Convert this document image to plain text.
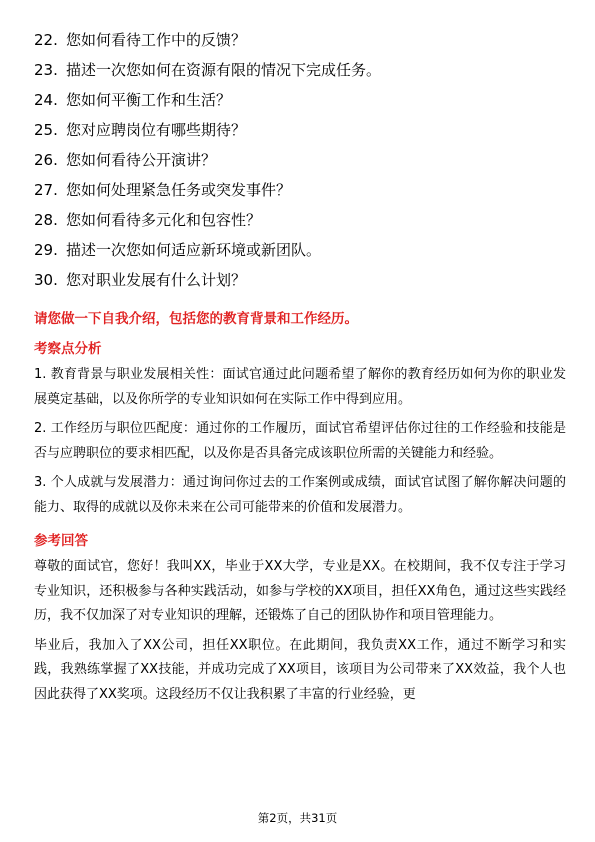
22. 您如何看待工作中的反馈？
23. 描述一次您如何在资源有限的情况下完成任务。
24. 您如何平衡工作和生活？
25. 您对应聘岗位有哪些期待？
26. 您如何看待公开演讲？
27. 您如何处理紧急任务或突发事件？
28. 您如何看待多元化和包容性？
29. 描述一次您如何适应新环境或新团队。
30. 您对职业发展有什么计划？
请您做一下自我介绍，包括您的教育背景和工作经历。
考察点分析
1. 教育背景与职业发展相关性：面试官通过此问题希望了解你的教育经历如何为你的职业发展奠定基础，以及你所学的专业知识如何在实际工作中得到应用。
2. 工作经历与职位匹配度：通过你的工作履历，面试官希望评估你过往的工作经验和技能是否与应聘职位的要求相匹配，以及你是否具备完成该职位所需的关键能力和经验。
3. 个人成就与发展潜力：通过询问你过去的工作案例或成绩，面试官试图了解你解决问题的能力、取得的成就以及你未来在公司可能带来的价值和发展潜力。
参考回答
尊敬的面试官，您好！我叫XX，毕业于XX大学，专业是XX。在校期间，我不仅专注于学习专业知识，还积极参与各种实践活动，如参与学校的XX项目，担任XX角色，通过这些实践经历，我不仅加深了对专业知识的理解，还锻炼了自己的团队协作和项目管理能力。
毕业后，我加入了XX公司，担任XX职位。在此期间，我负责XX工作，通过不断学习和实践，我熟练掌握了XX技能，并成功完成了XX项目，该项目为公司带来了XX效益，我个人也因此获得了XX奖项。这段经历不仅让我积累了丰富的行业经验，更
第2页，共31页
